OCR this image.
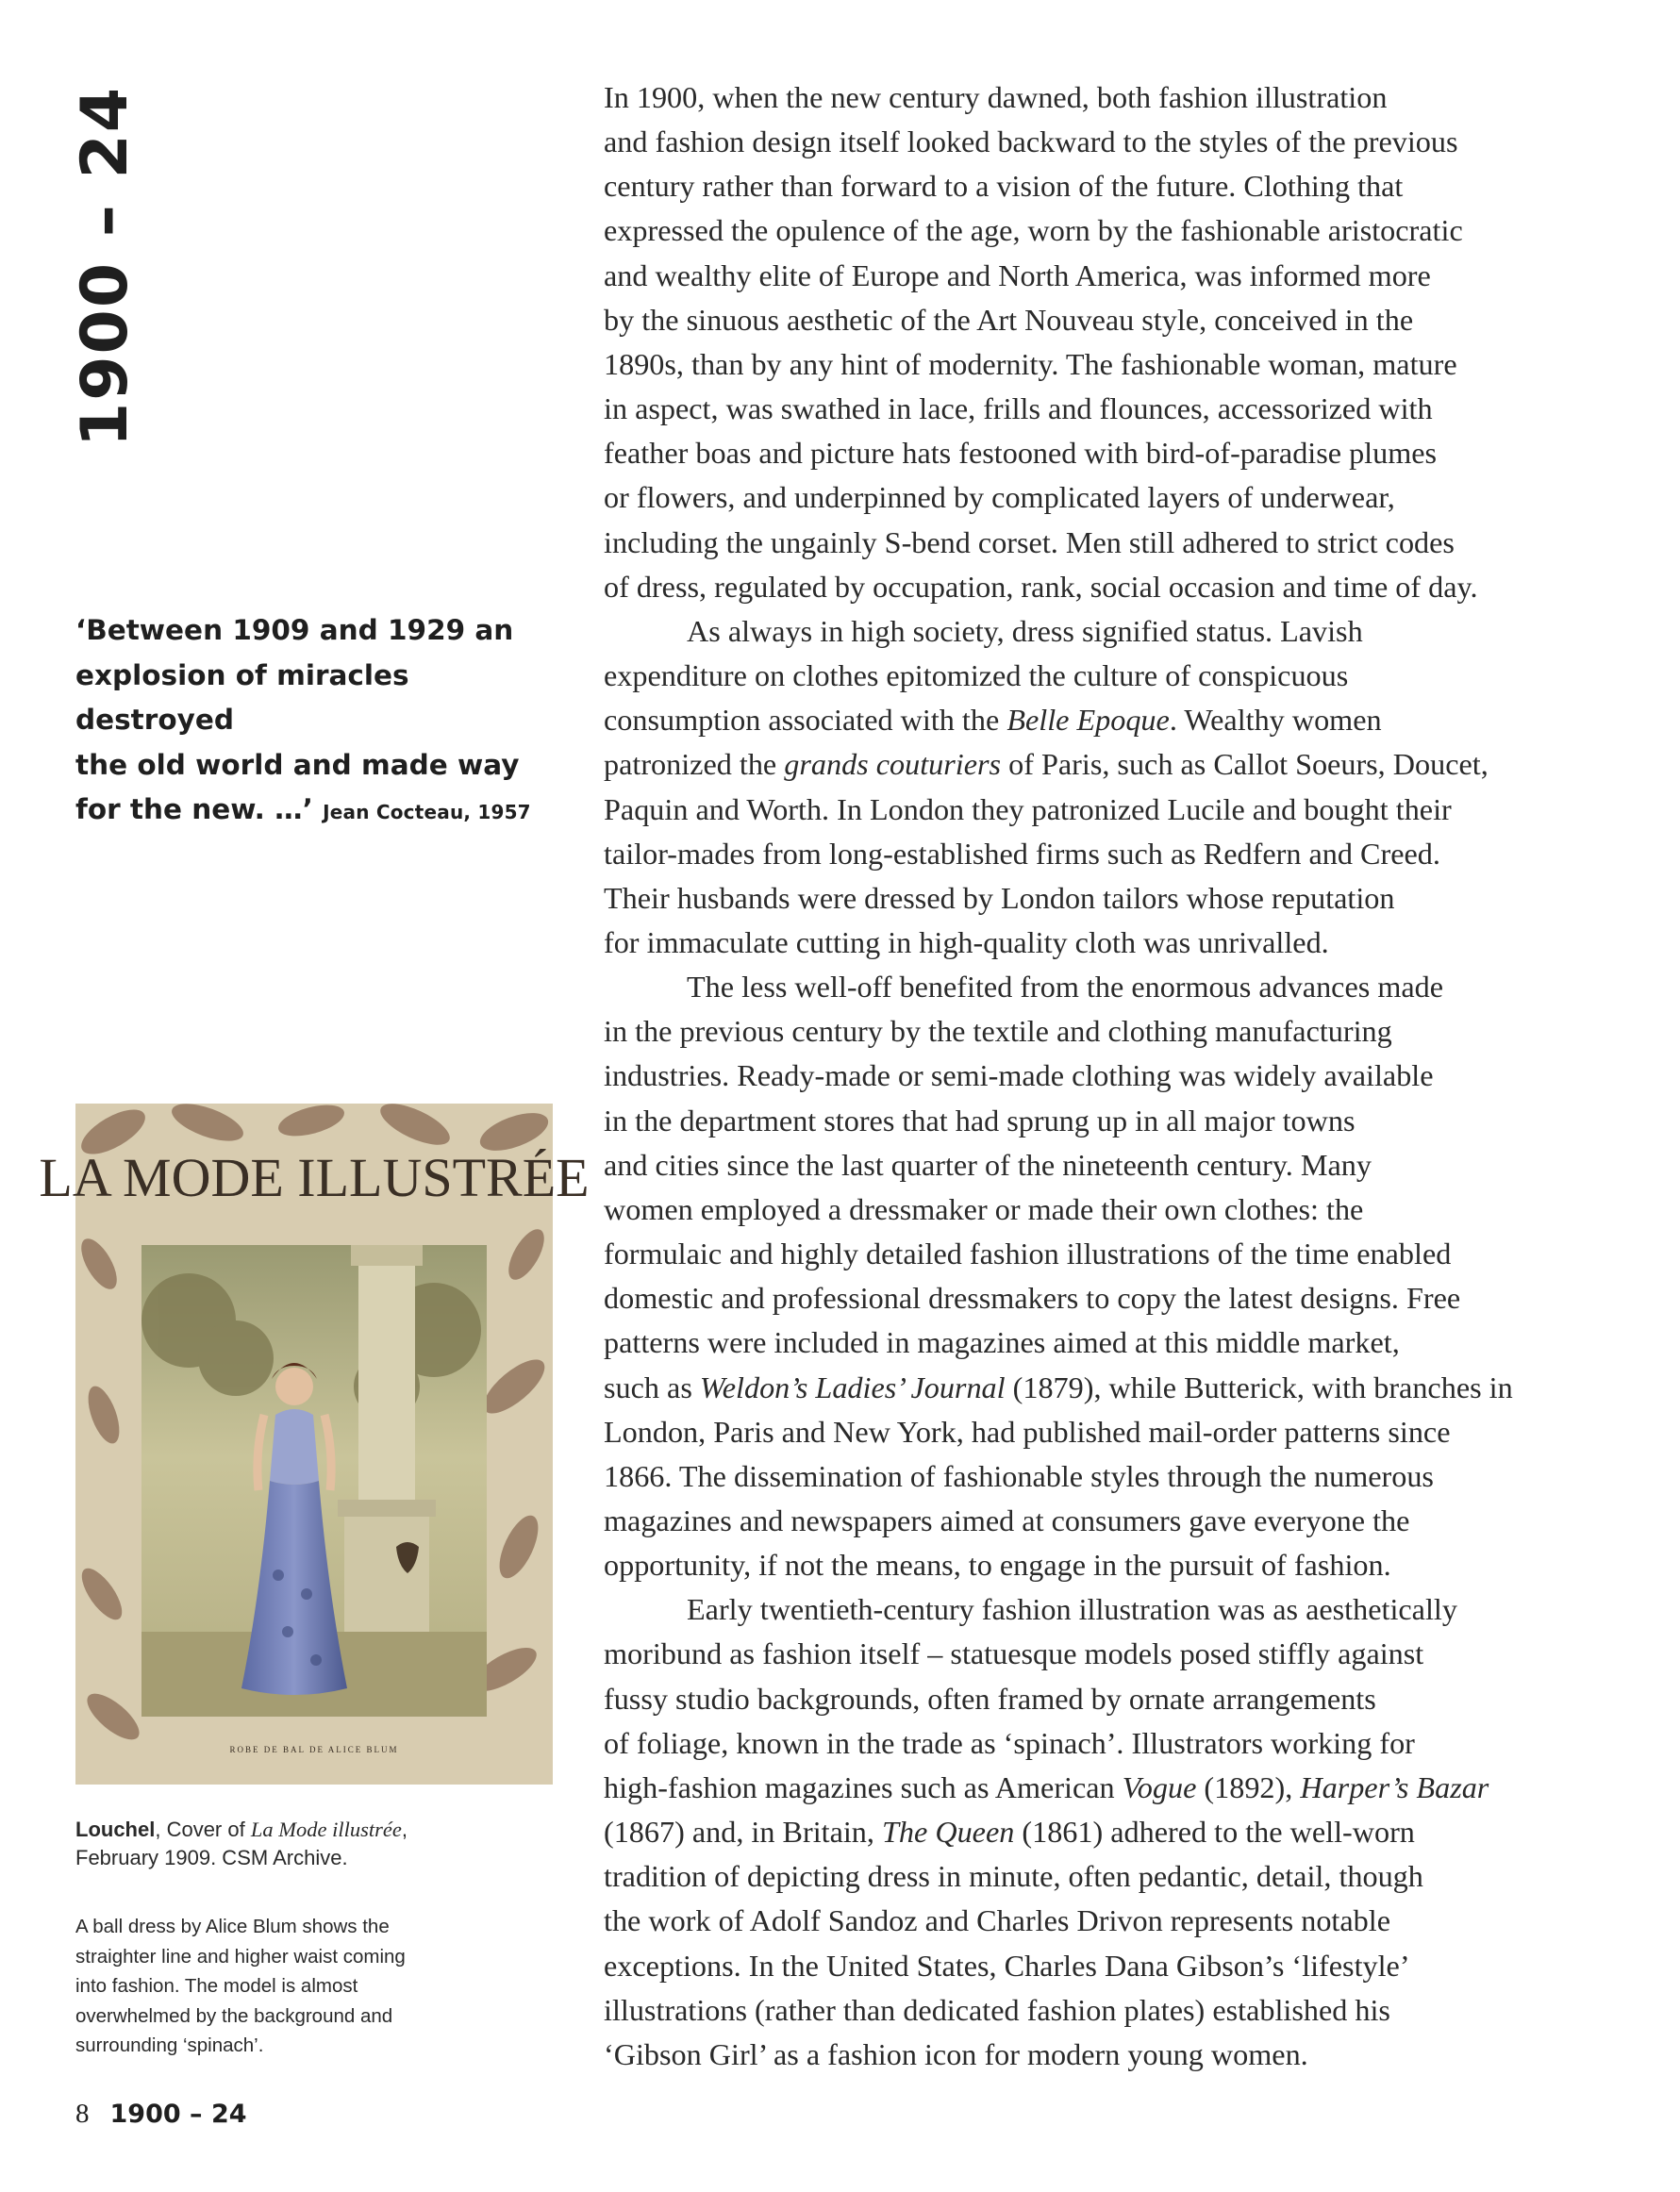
1900 – 24
‘Between 1909 and 1929 an
explosion of miracles destroyed
the old world and made way
for the new. …’ Jean Cocteau, 1957
LA MODE ILLUSTRÉE
ROBE DE BAL DE ALICE BLUM
Louchel, Cover of La Mode illustrée,
February 1909. CSM Archive.
A ball dress by Alice Blum shows the
straighter line and higher waist coming
into fashion. The model is almost
overwhelmed by the background and
surrounding ‘spinach’.

In 1900, when the new century dawned, both fashion illustration
and fashion design itself looked backward to the styles of the previous
century rather than forward to a vision of the future. Clothing that
expressed the opulence of the age, worn by the fashionable aristocratic
and wealthy elite of Europe and North America, was informed more
by the sinuous aesthetic of the Art Nouveau style, conceived in the
1890s, than by any hint of modernity. The fashionable woman, mature
in aspect, was swathed in lace, frills and flounces, accessorized with
feather boas and picture hats festooned with bird-of-paradise plumes
or flowers, and underpinned by complicated layers of underwear,
including the ungainly S-bend corset. Men still adhered to strict codes
of dress, regulated by occupation, rank, social occasion and time of day.

As always in high society, dress signified status. Lavish
expenditure on clothes epitomized the culture of conspicuous
consumption associated with the Belle Epoque. Wealthy women
patronized the grands couturiers of Paris, such as Callot Soeurs, Doucet,
Paquin and Worth. In London they patronized Lucile and bought their
tailor-mades from long-established firms such as Redfern and Creed.
Their husbands were dressed by London tailors whose reputation
for immaculate cutting in high-quality cloth was unrivalled.

The less well-off benefited from the enormous advances made
in the previous century by the textile and clothing manufacturing
industries. Ready-made or semi-made clothing was widely available
in the department stores that had sprung up in all major towns
and cities since the last quarter of the nineteenth century. Many
women employed a dressmaker or made their own clothes: the
formulaic and highly detailed fashion illustrations of the time enabled
domestic and professional dressmakers to copy the latest designs. Free
patterns were included in magazines aimed at this middle market,
such as Weldon’s Ladies’ Journal (1879), while Butterick, with branches in
London, Paris and New York, had published mail-order patterns since
1866. The dissemination of fashionable styles through the numerous
magazines and newspapers aimed at consumers gave everyone the
opportunity, if not the means, to engage in the pursuit of fashion.

Early twentieth-century fashion illustration was as aesthetically
moribund as fashion itself – statuesque models posed stiffly against
fussy studio backgrounds, often framed by ornate arrangements
of foliage, known in the trade as ‘spinach’. Illustrators working for
high-fashion magazines such as American Vogue (1892), Harper’s Bazar
(1867) and, in Britain, The Queen (1861) adhered to the well-worn
tradition of depicting dress in minute, often pedantic, detail, though
the work of Adolf Sandoz and Charles Drivon represents notable
exceptions. In the United States, Charles Dana Gibson’s ‘lifestyle’
illustrations (rather than dedicated fashion plates) established his
‘Gibson Girl’ as a fashion icon for modern young women.

8 1900 – 24
